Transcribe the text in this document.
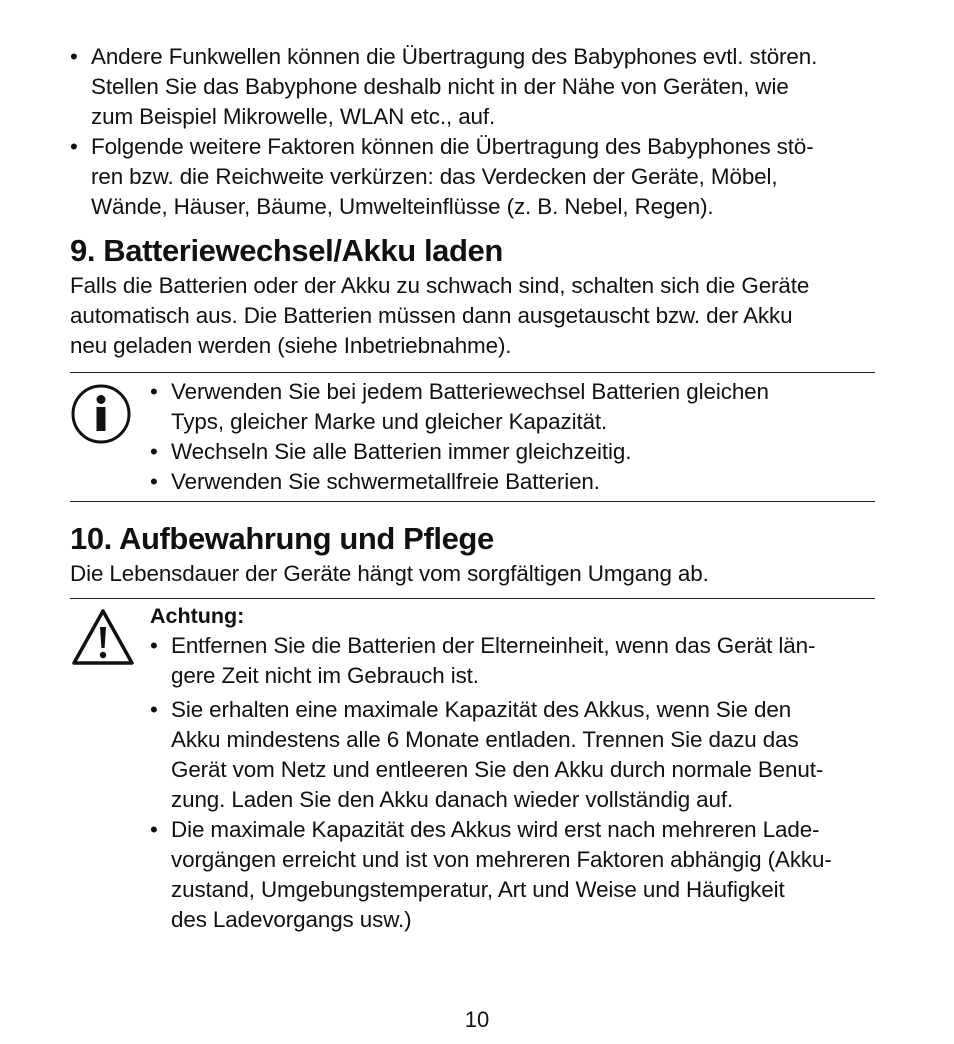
• Andere Funkwellen können die Übertragung des Babyphones evtl. stören.
Stellen Sie das Babyphone deshalb nicht in der Nähe von Geräten, wie
zum Beispiel Mikrowelle, WLAN etc., auf.
• Folgende weitere Faktoren können die Übertragung des Babyphones stö-
ren bzw. die Reichweite verkürzen: das Verdecken der Geräte, Möbel,
Wände, Häuser, Bäume, Umwelteinflüsse (z. B. Nebel, Regen).
9. Batteriewechsel/Akku laden
Falls die Batterien oder der Akku zu schwach sind, schalten sich die Geräte
automatisch aus. Die Batterien müssen dann ausgetauscht bzw. der Akku
neu geladen werden (siehe Inbetriebnahme).
• Verwenden Sie bei jedem Batteriewechsel Batterien gleichen
Typs, gleicher Marke und gleicher Kapazität.
• Wechseln Sie alle Batterien immer gleichzeitig.
• Verwenden Sie schwermetallfreie Batterien.
10. Aufbewahrung und Pflege
Die Lebensdauer der Geräte hängt vom sorgfältigen Umgang ab.
Achtung:
• Entfernen Sie die Batterien der Elterneinheit, wenn das Gerät län-
gere Zeit nicht im Gebrauch ist.
• Sie erhalten eine maximale Kapazität des Akkus, wenn Sie den
Akku mindestens alle 6 Monate entladen. Trennen Sie dazu das
Gerät vom Netz und entleeren Sie den Akku durch normale Benut-
zung. Laden Sie den Akku danach wieder vollständig auf.
• Die maximale Kapazität des Akkus wird erst nach mehreren Lade-
vorgängen erreicht und ist von mehreren Faktoren abhängig (Akku-
zustand, Umgebungstemperatur, Art und Weise und Häufigkeit
des Ladevorgangs usw.)
10
